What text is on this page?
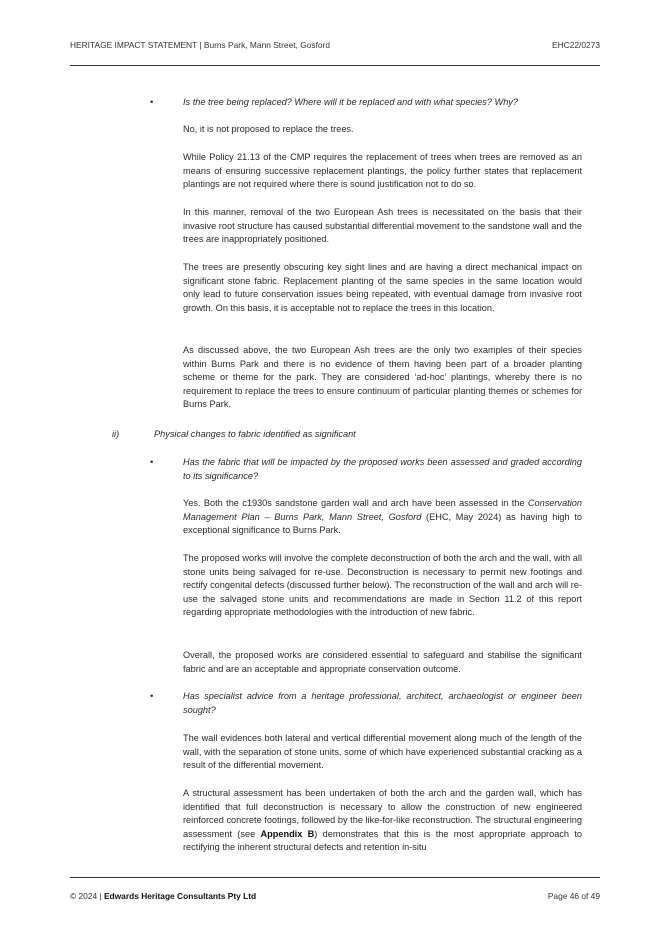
HERITAGE IMPACT STATEMENT | Burns Park, Mann Street, Gosford	EHC22/0273
•	Is the tree being replaced? Where will it be replaced and with what species? Why?

No, it is not proposed to replace the trees.

While Policy 21.13 of the CMP requires the replacement of trees when trees are removed as an means of ensuring successive replacement plantings, the policy further states that replacement plantings are not required where there is sound justification not to do so.

In this manner, removal of the two European Ash trees is necessitated on the basis that their invasive root structure has caused substantial differential movement to the sandstone wall and the trees are inappropriately positioned.

The trees are presently obscuring key sight lines and are having a direct mechanical impact on significant stone fabric. Replacement planting of the same species in the same location would only lead to future conservation issues being repeated, with eventual damage from invasive root growth. On this basis, it is acceptable not to replace the trees in this location.

As discussed above, the two European Ash trees are the only two examples of their species within Burns Park and there is no evidence of them having been part of a broader planting scheme or theme for the park. They are considered ‘ad-hoc’ plantings, whereby there is no requirement to replace the trees to ensure continuum of particular planting themes or schemes for Burns Park.

ii)	Physical changes to fabric identified as significant
•	Has the fabric that will be impacted by the proposed works been assessed and graded according to its significance?

Yes. Both the c1930s sandstone garden wall and arch have been assessed in the Conservation Management Plan – Burns Park, Mann Street, Gosford (EHC, May 2024) as having high to exceptional significance to Burns Park.

The proposed works will involve the complete deconstruction of both the arch and the wall, with all stone units being salvaged for re-use. Deconstruction is necessary to permit new footings and rectify congenital defects (discussed further below). The reconstruction of the wall and arch will re-use the salvaged stone units and recommendations are made in Section 11.2 of this report regarding appropriate methodologies with the introduction of new fabric.

Overall, the proposed works are considered essential to safeguard and stabilise the significant fabric and are an acceptable and appropriate conservation outcome.

•	Has specialist advice from a heritage professional, architect, archaeologist or engineer been sought?

The wall evidences both lateral and vertical differential movement along much of the length of the wall, with the separation of stone units, some of which have experienced substantial cracking as a result of the differential movement.

A structural assessment has been undertaken of both the arch and the garden wall, which has identified that full deconstruction is necessary to allow the construction of new engineered reinforced concrete footings, followed by the like-for-like reconstruction. The structural engineering assessment (see Appendix B) demonstrates that this is the most appropriate approach to rectifying the inherent structural defects and retention in-situ

© 2024 | Edwards Heritage Consultants Pty Ltd	Page 46 of 49
